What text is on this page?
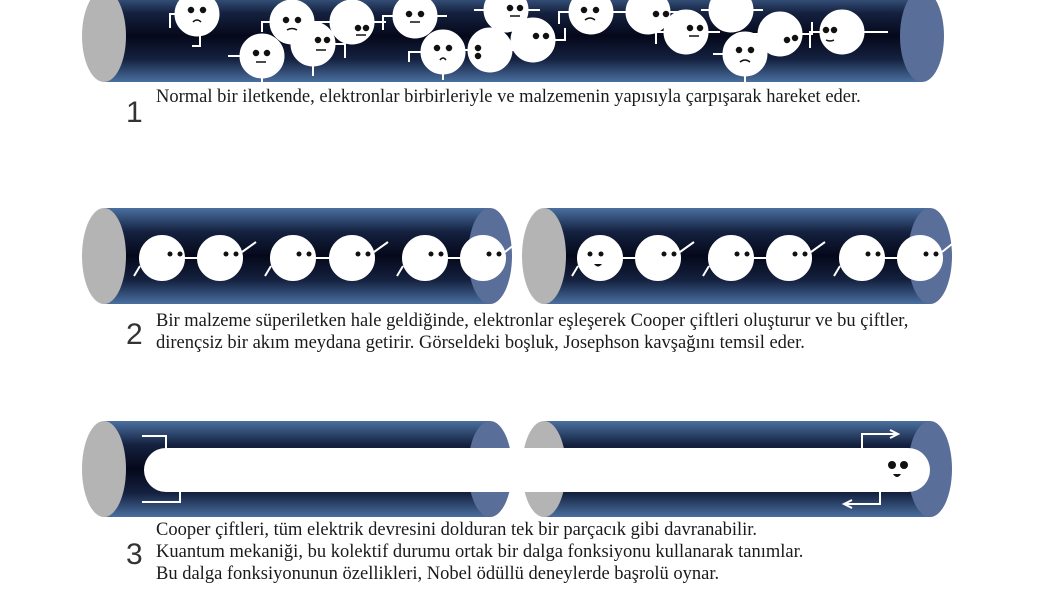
1 Normal bir iletkende, elektronlar birbirleriyle ve malzemenin yapısıyla çarpışarak hareket eder.
2 Bir malzeme süperiletken hale geldiğinde, elektronlar eşleşerek Cooper çiftleri oluşturur ve bu çiftler, dirençsiz bir akım meydana getirir. Görseldeki boşluk, Josephson kavşağını temsil eder.
3
Cooper çiftleri, tüm elektrik devresini dolduran tek bir parçacık gibi davranabilir.
Kuantum mekaniği, bu kolektif durumu ortak bir dalga fonksiyonu kullanarak tanımlar.
Bu dalga fonksiyonunun özellikleri, Nobel ödüllü deneylerde başrolü oynar.
